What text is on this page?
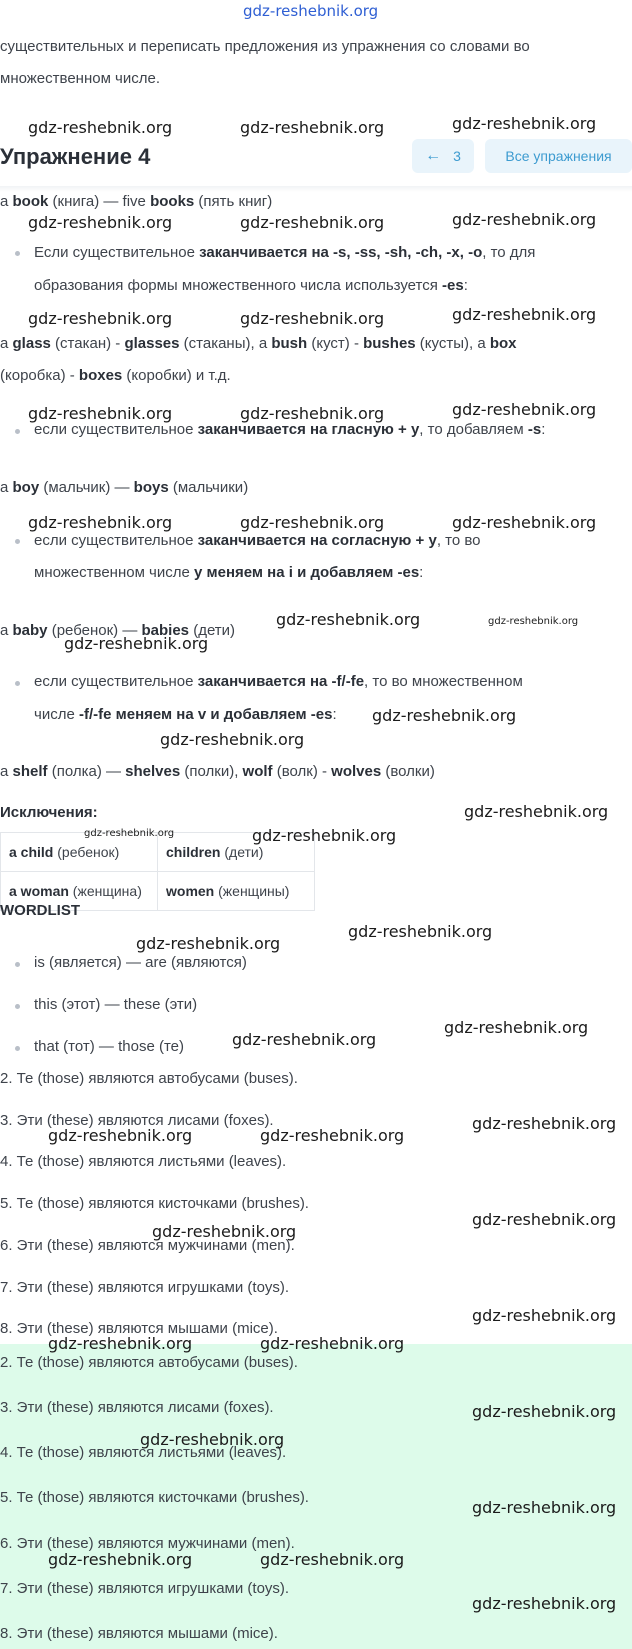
gdz-reshebnik.org
существительных и переписать предложения из упражнения со словами во
множественном числе.
Упражнение 4	← 3	Все упражнения
a book (книга) — five books (пять книг)
Если существительное заканчивается на -s, -ss, -sh, -ch, -x, -o, то для
образования формы множественного числа используется -es:
a glass (стакан) - glasses (стаканы), a bush (куст) - bushes (кусты), a box
(коробка) - boxes (коробки) и т.д.
если существительное заканчивается на гласную + y, то добавляем -s:
a boy (мальчик) — boys (мальчики)
если существительное заканчивается на согласную + y, то во
множественном числе y меняем на i и добавляем -es:
a baby (ребенок) — babies (дети)
если существительное заканчивается на -f/-fe, то во множественном
числе -f/-fe меняем на v и добавляем -es:
a shelf (полка) — shelves (полки), wolf (волк) - wolves (волки)
Исключения:
a child (ребенок)	children (дети)
a woman (женщина)	women (женщины)
WORDLIST
is (является) — are (являются)
this (этот) — these (эти)
that (тот) — those (те)
2. Те (those) являются автобусами (buses).
3. Эти (these) являются лисами (foxes).
4. Те (those) являются листьями (leaves).
5. Те (those) являются кисточками (brushes).
6. Эти (these) являются мужчинами (men).
7. Эти (these) являются игрушками (toys).
8. Эти (these) являются мышами (mice).
2. Те (those) являются автобусами (buses).
3. Эти (these) являются лисами (foxes).
4. Те (those) являются листьями (leaves).
5. Те (those) являются кисточками (brushes).
6. Эти (these) являются мужчинами (men).
7. Эти (these) являются игрушками (toys).
8. Эти (these) являются мышами (mice).
gdz-reshebnik.org	gdz-reshebnik.org	gdz-reshebnik.org
gdz-reshebnik.org	gdz-reshebnik.org	gdz-reshebnik.org
gdz-reshebnik.org	gdz-reshebnik.org	gdz-reshebnik.org
gdz-reshebnik.org	gdz-reshebnik.org	gdz-reshebnik.org
gdz-reshebnik.org	gdz-reshebnik.org	gdz-reshebnik.org
gdz-reshebnik.org	gdz-reshebnik.org
gdz-reshebnik.org
gdz-reshebnik.org
gdz-reshebnik.org
gdz-reshebnik.org
gdz-reshebnik.org	gdz-reshebnik.org
gdz-reshebnik.org
gdz-reshebnik.org
gdz-reshebnik.org
gdz-reshebnik.org
gdz-reshebnik.org
gdz-reshebnik.org	gdz-reshebnik.org
gdz-reshebnik.org
gdz-reshebnik.org
gdz-reshebnik.org
gdz-reshebnik.org	gdz-reshebnik.org
gdz-reshebnik.org
gdz-reshebnik.org
gdz-reshebnik.org
gdz-reshebnik.org	gdz-reshebnik.org
gdz-reshebnik.org
